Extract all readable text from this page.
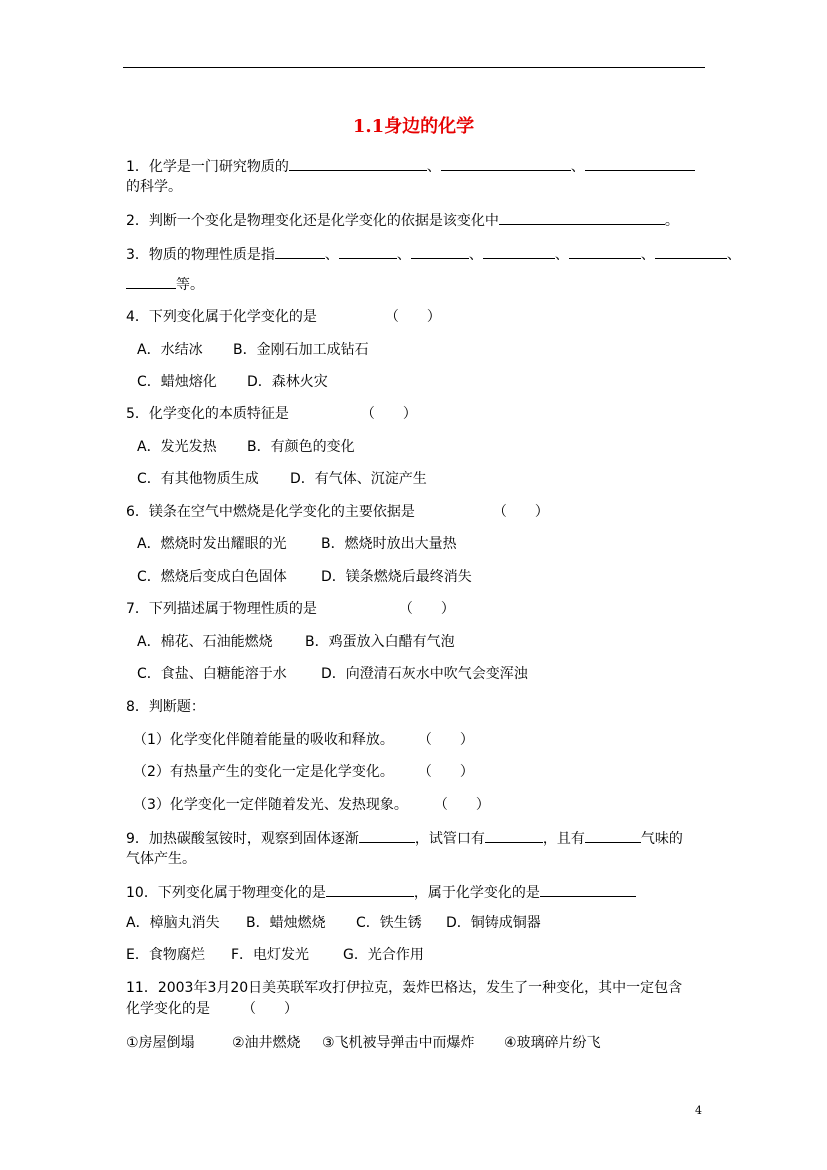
1.1身边的化学
1．化学是一门研究物质的	、	、
的科学。
2．判断一个变化是物理变化还是化学变化的依据是该变化中	。
3．物质的物理性质是指	、	、	、	、	、	、
等。
4．下列变化属于化学变化的是	（　　）
A．水结冰 B．金刚石加工成钻石
C．蜡烛熔化 D．森林火灾
5．化学变化的本质特征是	（　　）
A．发光发热 B．有颜色的变化
C．有其他物质生成 D．有气体、沉淀产生
6．镁条在空气中燃烧是化学变化的主要依据是	（　　）
A．燃烧时发出耀眼的光 B．燃烧时放出大量热
C．燃烧后变成白色固体 D．镁条燃烧后最终消失
7．下列描述属于物理性质的是	（　　）
A．棉花、石油能燃烧 B．鸡蛋放入白醋有气泡
C．食盐、白糖能溶于水 D．向澄清石灰水中吹气会变浑浊
8．判断题：
（1）化学变化伴随着能量的吸收和释放。 （　　）
（2）有热量产生的变化一定是化学变化。 （　　）
（3）化学变化一定伴随着发光、发热现象。 （　　）
9．加热碳酸氢铵时，观察到固体逐渐	，试管口有	，且有	气味的
气体产生。
10．下列变化属于物理变化的是	，属于化学变化的是
A．樟脑丸消失 B．蜡烛燃烧 C．铁生锈 D．铜铸成铜器
E．食物腐烂 F．电灯发光 G．光合作用
11．2003年3月20日美英联军攻打伊拉克，轰炸巴格达，发生了一种变化，其中一定包含
化学变化的是 （　　）
①房屋倒塌	②油井燃烧 ③飞机被导弹击中而爆炸 ④玻璃碎片纷飞
4
